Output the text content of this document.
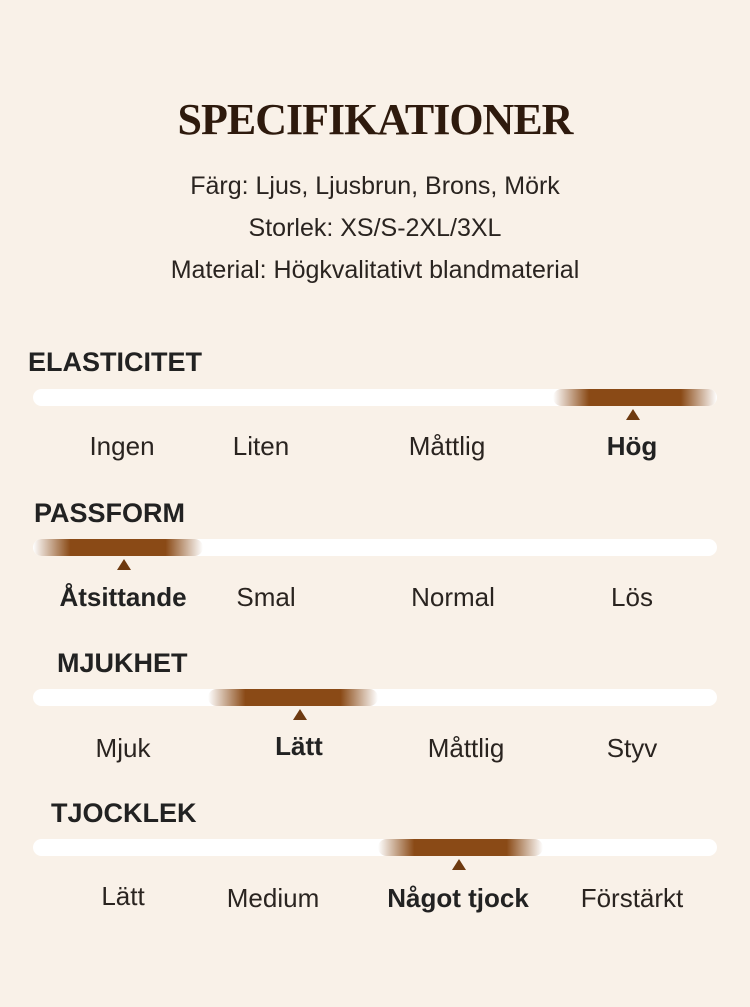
SPECIFIKATIONER
Färg: Ljus, Ljusbrun, Brons, Mörk
Storlek: XS/S-2XL/3XL
Material: Högkvalitativt blandmaterial
ELASTICITET
Ingen	Liten	Måttlig	Hög
PASSFORM
Åtsittande Smal	Normal	Lös
MJUKHET
Mjuk	Lätt	Måttlig	Styv
TJOCKLEK
Lätt	Medium	Något tjock Förstärkt
